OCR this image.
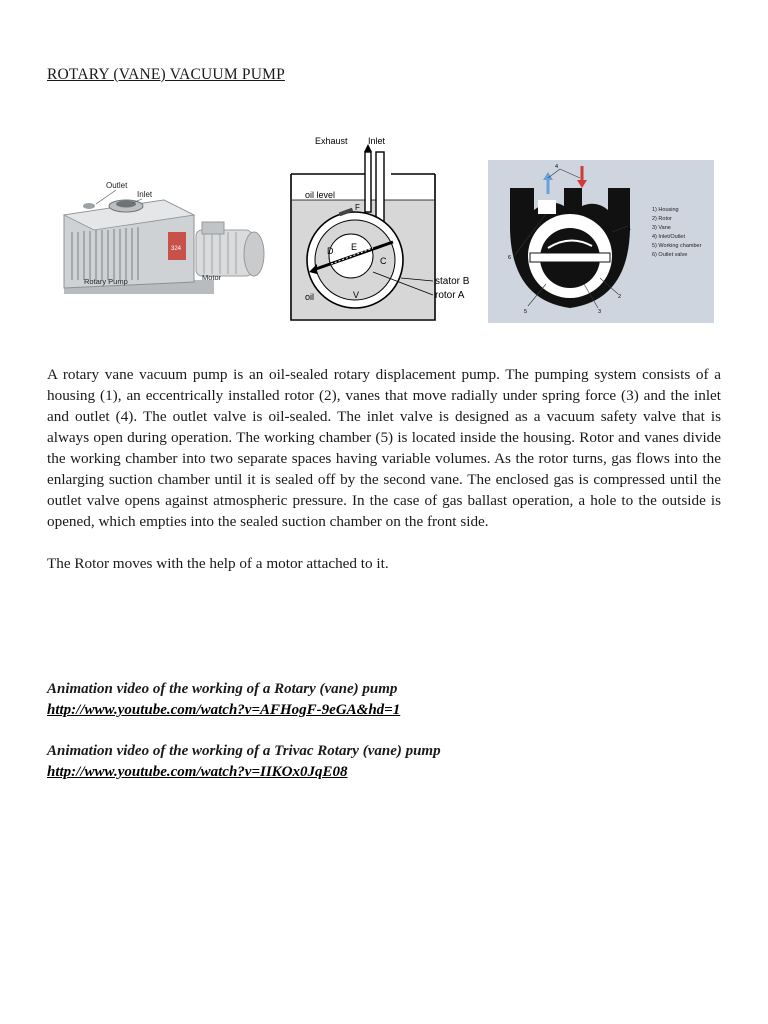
ROTARY (VANE) VACUUM PUMP
324
Outlet
Inlet
Rotary Pump	Motor
Exhaust Inlet
oil level
F
D E
C
V
oil
stator B
rotor A
4
6
1
2
5	3
1) Housing
2) Rotor
3) Vane
4) Inlet/Outlet
5) Working chamber
6) Outlet valve

A rotary vane vacuum pump is an oil-sealed rotary displacement pump. The pumping system consists of a housing (1), an eccentrically installed rotor (2), vanes that move radially under spring force (3) and the inlet and outlet (4). The outlet valve is oil-sealed. The inlet valve is designed as a vacuum safety valve that is always open during operation. The working chamber (5) is located inside the housing. Rotor and vanes divide the working chamber into two separate spaces having variable volumes. As the rotor turns, gas flows into the enlarging suction chamber until it is sealed off by the second vane. The enclosed gas is compressed until the outlet valve opens against atmospheric pressure. In the case of gas ballast operation, a hole to the outside is opened, which empties into the sealed suction chamber on the front side.

The Rotor moves with the help of a motor attached to it.

Animation video of the working of a Rotary (vane) pump
http://www.youtube.com/watch?v=AFHogF-9eGA&hd=1
Animation video of the working of a Trivac Rotary (vane) pump
http://www.youtube.com/watch?v=IIKOx0JqE08
